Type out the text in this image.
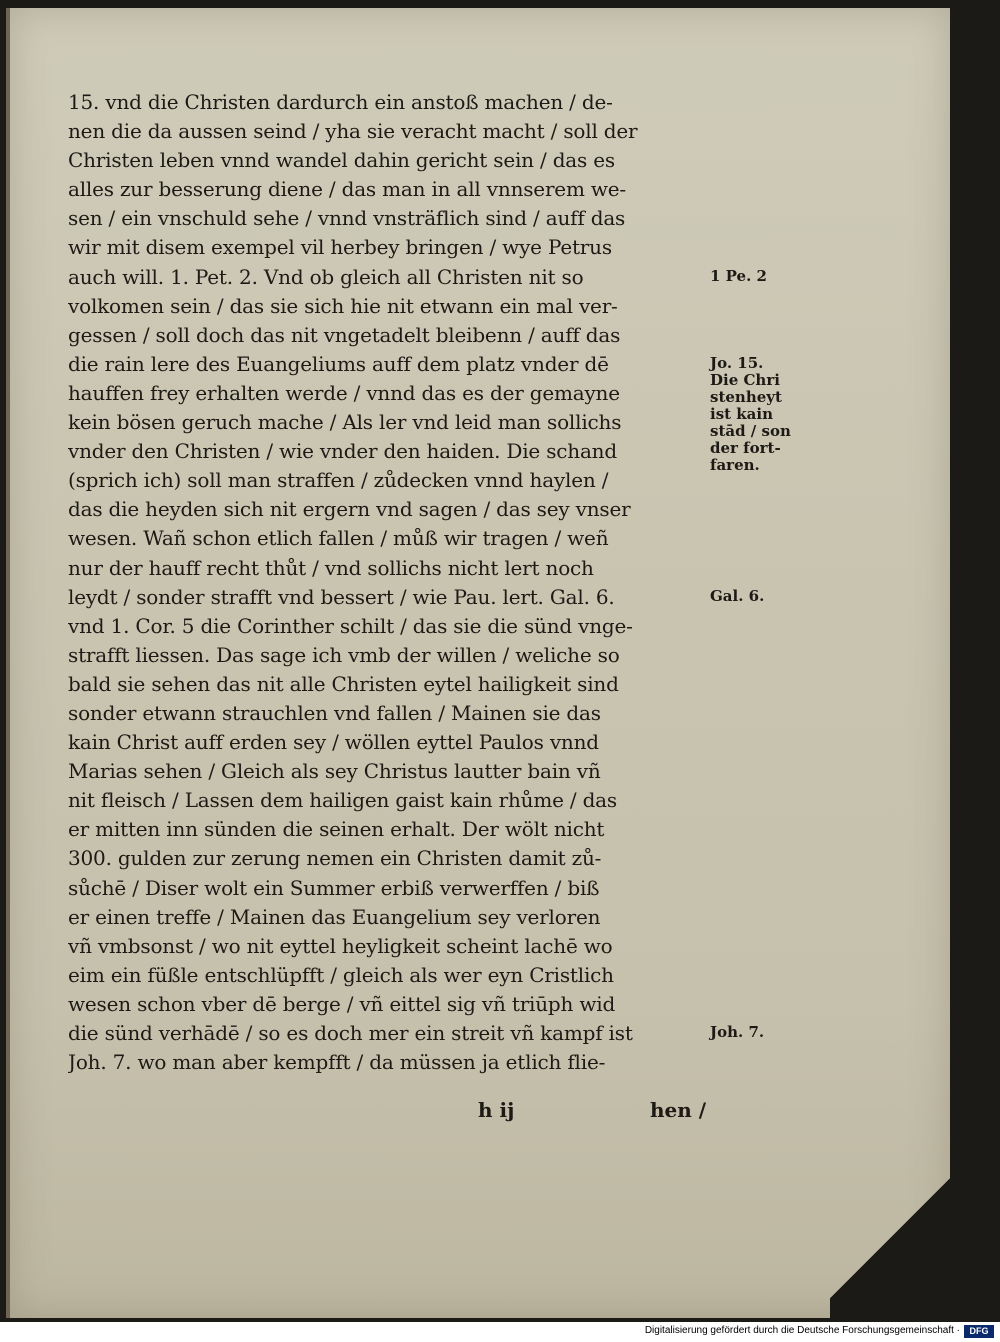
15. vnd die Christen dardurch ein anstoß machen / de-
nen die da aussen seind / yha sie veracht macht / soll der
Christen leben vnnd wandel dahin gericht sein / das es
alles zur besserung diene / das man in all vnnserem we-
sen / ein vnschuld sehe / vnnd vnsträflich sind / auff das
wir mit disem exempel vil herbey bringen / wye Petrus
auch will. 1. Pet. 2. Vnd ob gleich all Christen nit so
volkomen sein / das sie sich hie nit etwann ein mal ver-
gessen / soll doch das nit vngetadelt bleibenn / auff das
die rain lere des Euangeliums auff dem platz vnder dē
hauffen frey erhalten werde / vnnd das es der gemayne
kein bösen geruch mache / Als ler vnd leid man sollichs
vnder den Christen / wie vnder den haiden. Die schand
(sprich ich) soll man straffen / zůdecken vnnd haylen /
das die heyden sich nit ergern vnd sagen / das sey vnser
wesen. Wañ schon etlich fallen / můß wir tragen / weñ
nur der hauff recht thůt / vnd sollichs nicht lert noch
leydt / sonder strafft vnd bessert / wie Pau. lert. Gal. 6.
vnd 1. Cor. 5 die Corinther schilt / das sie die sünd vnge-
strafft liessen. Das sage ich vmb der willen / weliche so
bald sie sehen das nit alle Christen eytel hailigkeit sind
sonder etwann strauchlen vnd fallen / Mainen sie das
kain Christ auff erden sey / wöllen eyttel Paulos vnnd
Marias sehen / Gleich als sey Christus lautter bain vñ
nit fleisch / Lassen dem hailigen gaist kain rhůme / das
er mitten inn sünden die seinen erhalt. Der wölt nicht
300. gulden zur zerung nemen ein Christen damit zů-
sůchē / Diser wolt ein Summer erbiß verwerffen / biß
er einen treffe / Mainen das Euangelium sey verloren
vñ vmbsonst / wo nit eyttel heyligkeit scheint lachē wo
eim ein füßle entschlüpfft / gleich als wer eyn Cristlich
wesen schon vber dē berge / vñ eittel sig vñ triūph wid
die sünd verhādē / so es doch mer ein streit vñ kampf ist
Joh. 7. wo man aber kempfft / da müssen ja etlich flie-
1 Pe. 2
Jo. 15.
Die Chri
stenheyt
ist kain
stād / son
der fort-
faren.
Gal. 6.
Joh. 7.
h ij	hen /
Digitalisierung gefördert durch die Deutsche Forschungsgemeinschaft ·	DFG
